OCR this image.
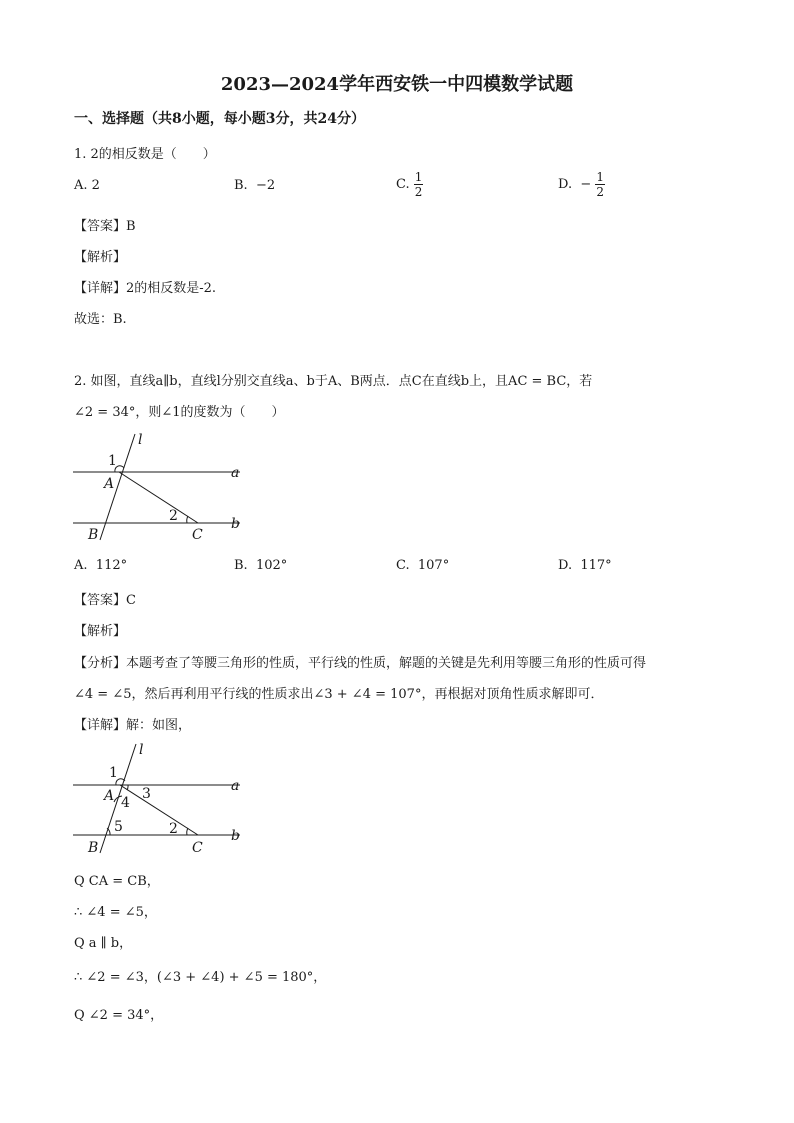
2023—2024学年西安铁一中四模数学试题
一、选择题（共8小题，每小题3分，共24分）
1. 2的相反数是（　　）
A. 2	B. −2	C. $\frac{1}{2}$	D. − $\frac{1}{2}$
【答案】B
【解析】
【详解】2的相反数是-2.
故选：B.
2. 如图，直线a∥b，直线l分别交直线a、b于A、B两点．点C在直线b上，且AC = BC，若
∠2 = 34°，则∠1的度数为（　　）
l
a
b
A
B	C
1
2
A. 112°	B. 102°	C. 107°	D. 117°
【答案】C
【解析】
【分析】本题考查了等腰三角形的性质，平行线的性质，解题的关键是先利用等腰三角形的性质可得
∠4 = ∠5，然后再利用平行线的性质求出∠3 + ∠4 = 107°，再根据对顶角性质求解即可．
【详解】解：如图，
l
a
b
A
B	C
1
3
4
5	2
Q CA = CB，
∴ ∠4 = ∠5，
Q a ∥ b，
∴ ∠2 = ∠3，(∠3 + ∠4) + ∠5 = 180°，
Q ∠2 = 34°，
